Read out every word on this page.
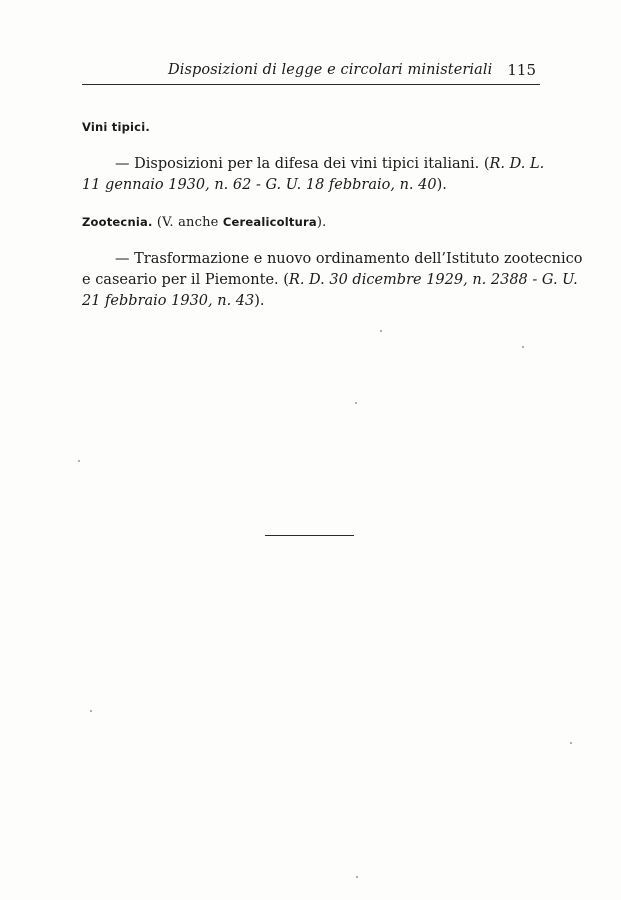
Disposizioni di legge e circolari ministeriali 115
Vini tipici.
— Disposizioni per la difesa dei vini tipici italiani. (R. D. L.
11 gennaio 1930, n. 62 - G. U. 18 febbraio, n. 40).
Zootecnia. (V. anche Cerealicoltura).
— Trasformazione e nuovo ordinamento dell’Istituto zootecnico
e caseario per il Piemonte. (R. D. 30 dicembre 1929, n. 2388 - G. U.
21 febbraio 1930, n. 43).
